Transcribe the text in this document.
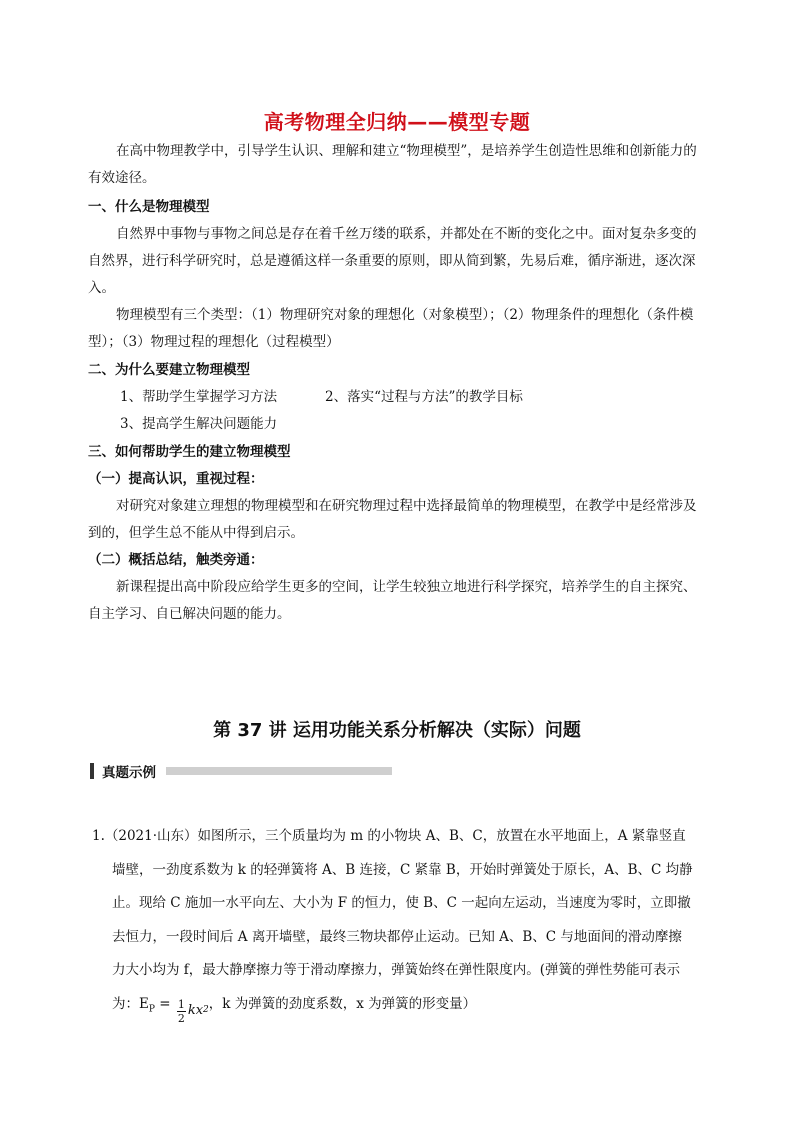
高考物理全归纳——模型专题

在高中物理教学中，引导学生认识、理解和建立“物理模型”，是培养学生创造性思维和创新能力的有效途径。

一、什么是物理模型

自然界中事物与事物之间总是存在着千丝万缕的联系，并都处在不断的变化之中。面对复杂多变的自然界，进行科学研究时，总是遵循这样一条重要的原则，即从简到繁，先易后难，循序渐进，逐次深入。

物理模型有三个类型：（1）物理研究对象的理想化（对象模型）；（2）物理条件的理想化（条件模型）；（3）物理过程的理想化（过程模型）

二、为什么要建立物理模型

1、帮助学生掌握学习方法	2、落实“过程与方法”的教学目标

3、提高学生解决问题能力

三、如何帮助学生的建立物理模型

（一）提高认识，重视过程：

对研究对象建立理想的物理模型和在研究物理过程中选择最简单的物理模型，在教学中是经常涉及到的，但学生总不能从中得到启示。

（二）概括总结，触类旁通：

新课程提出高中阶段应给学生更多的空间，让学生较独立地进行科学探究，培养学生的自主探究、自主学习、自已解决问题的能力。

第 37 讲 运用功能关系分析解决（实际）问题
真题示例

1.（2021·山东）如图所示，三个质量均为 m 的小物块 A、B、C，放置在水平地面上，A 紧靠竖直

墙壁，一劲度系数为 k 的轻弹簧将 A、B 连接，C 紧靠 B，开始时弹簧处于原长，A、B、C 均静

止。现给 C 施加一水平向左、大小为 F 的恒力，使 B、C 一起向左运动，当速度为零时，立即撤

去恒力，一段时间后 A 离开墙壁，最终三物块都停止运动。已知 A、B、C 与地面间的滑动摩擦

力大小均为 f，最大静摩擦力等于滑动摩擦力，弹簧始终在弹性限度内。(弹簧的弹性势能可表示

为：$E_P = \frac{1}{2}$ kx 2 ，k 为弹簧的劲度系数，x 为弹簧的形变量）
